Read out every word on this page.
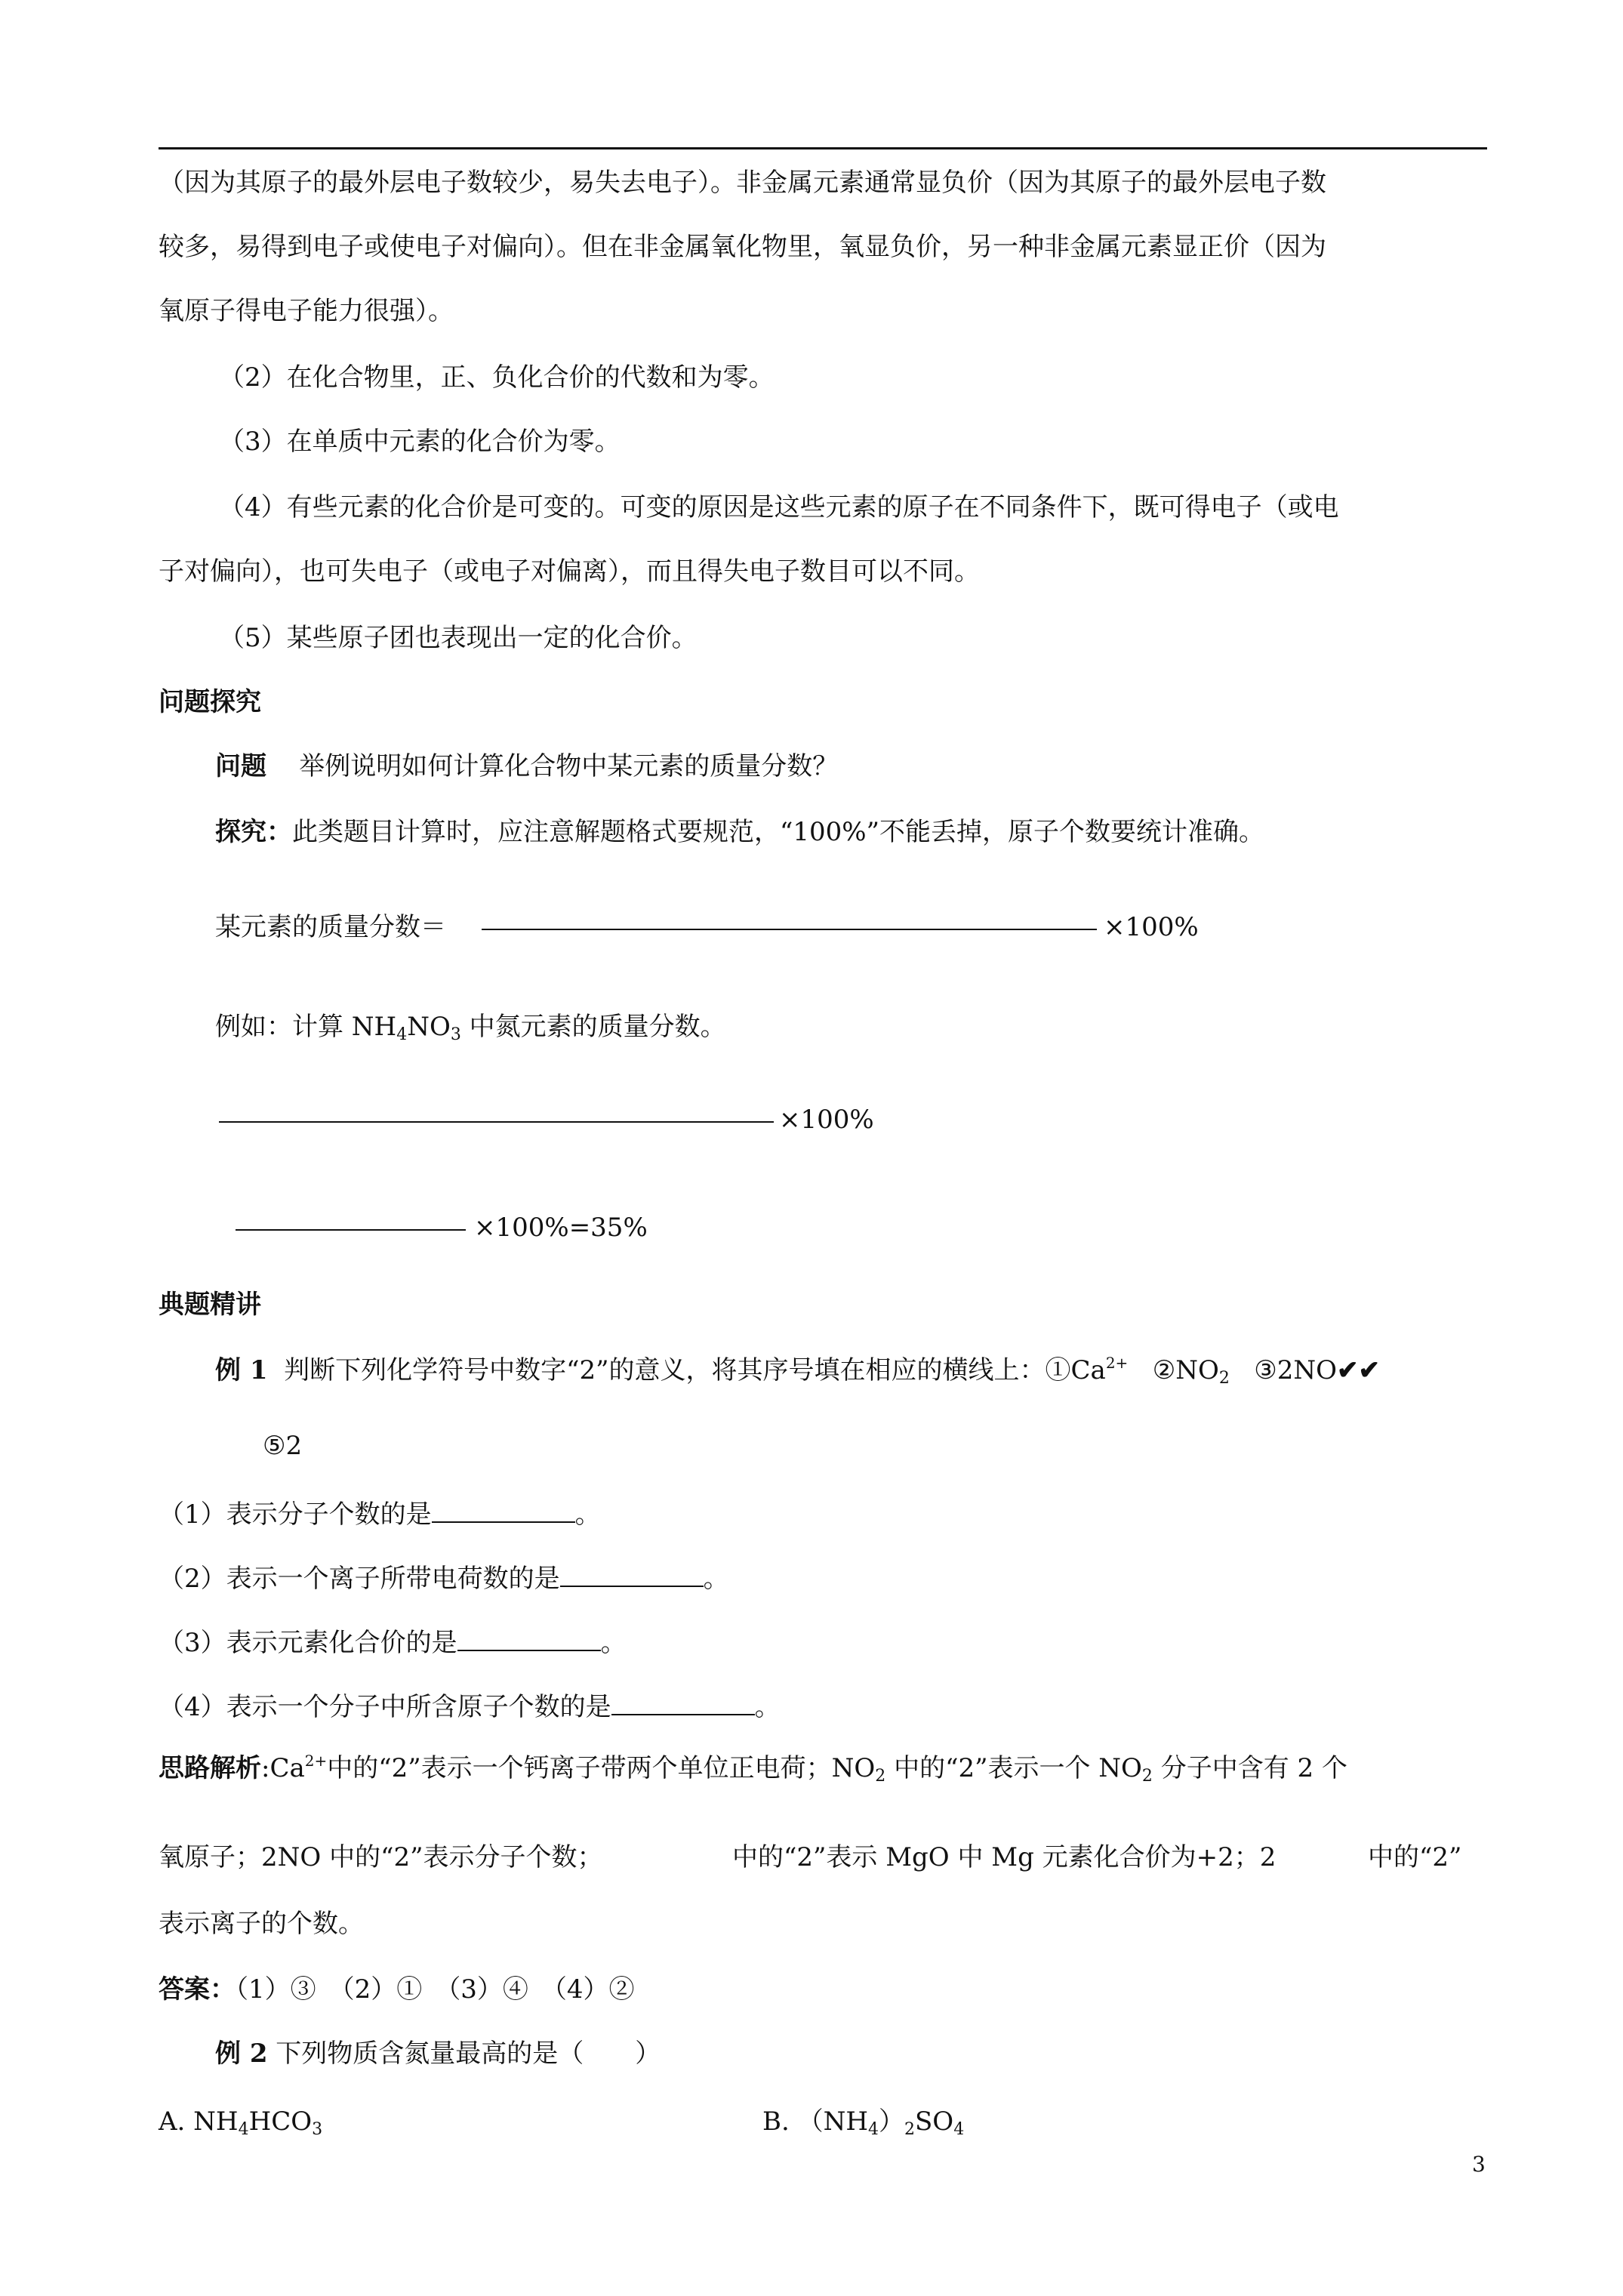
（因为其原子的最外层电子数较少，易失去电子）。非金属元素通常显负价（因为其原子的最外层电子数
较多，易得到电子或使电子对偏向）。但在非金属氧化物里，氧显负价，另一种非金属元素显正价（因为
氧原子得电子能力很强）。
（2）在化合物里，正、负化合价的代数和为零。
（3）在单质中元素的化合价为零。
（4）有些元素的化合价是可变的。可变的原因是这些元素的原子在不同条件下，既可得电子（或电
子对偏向），也可失电子（或电子对偏离），而且得失电子数目可以不同。
（5）某些原子团也表现出一定的化合价。
问题探究
问题 举例说明如何计算化合物中某元素的质量分数？
探究：此类题目计算时，应注意解题格式要规范，“100%”不能丢掉，原子个数要统计准确。
某元素的质量分数＝	×100%
例如：计算 $NH_4NO_3$ 中氮元素的质量分数。
×100%
×100%=35%
典题精讲
例 1 判断下列化学符号中数字“2”的意义，将其序号填在相应的横线上：$①Ca^{2+}$ $②NO_2$ ③2NO✔✔
⑤2
（1）表示分子个数的是	。
（2）表示一个离子所带电荷数的是	。
（3）表示元素化合价的是	。
（4）表示一个分子中所含原子个数的是	。
思路解析$:Ca^{2+}$中的“2”表示一个钙离子带两个单位正电荷；$NO_2$ 中的“2”表示一个 $NO_2$ 分子中含有 2 个
氧原子；2NO 中的“2”表示分子个数；	中的“2”表示 MgO 中 Mg 元素化合价为+2；2	中的“2”
表示离子的个数。
答案：（1）③　（2）①　（3）④　（4）②
例 2 下列物质含氮量最高的是（　　）
A. $NH_4HCO_3$	B. $(NH_4)_2SO_4$
3
